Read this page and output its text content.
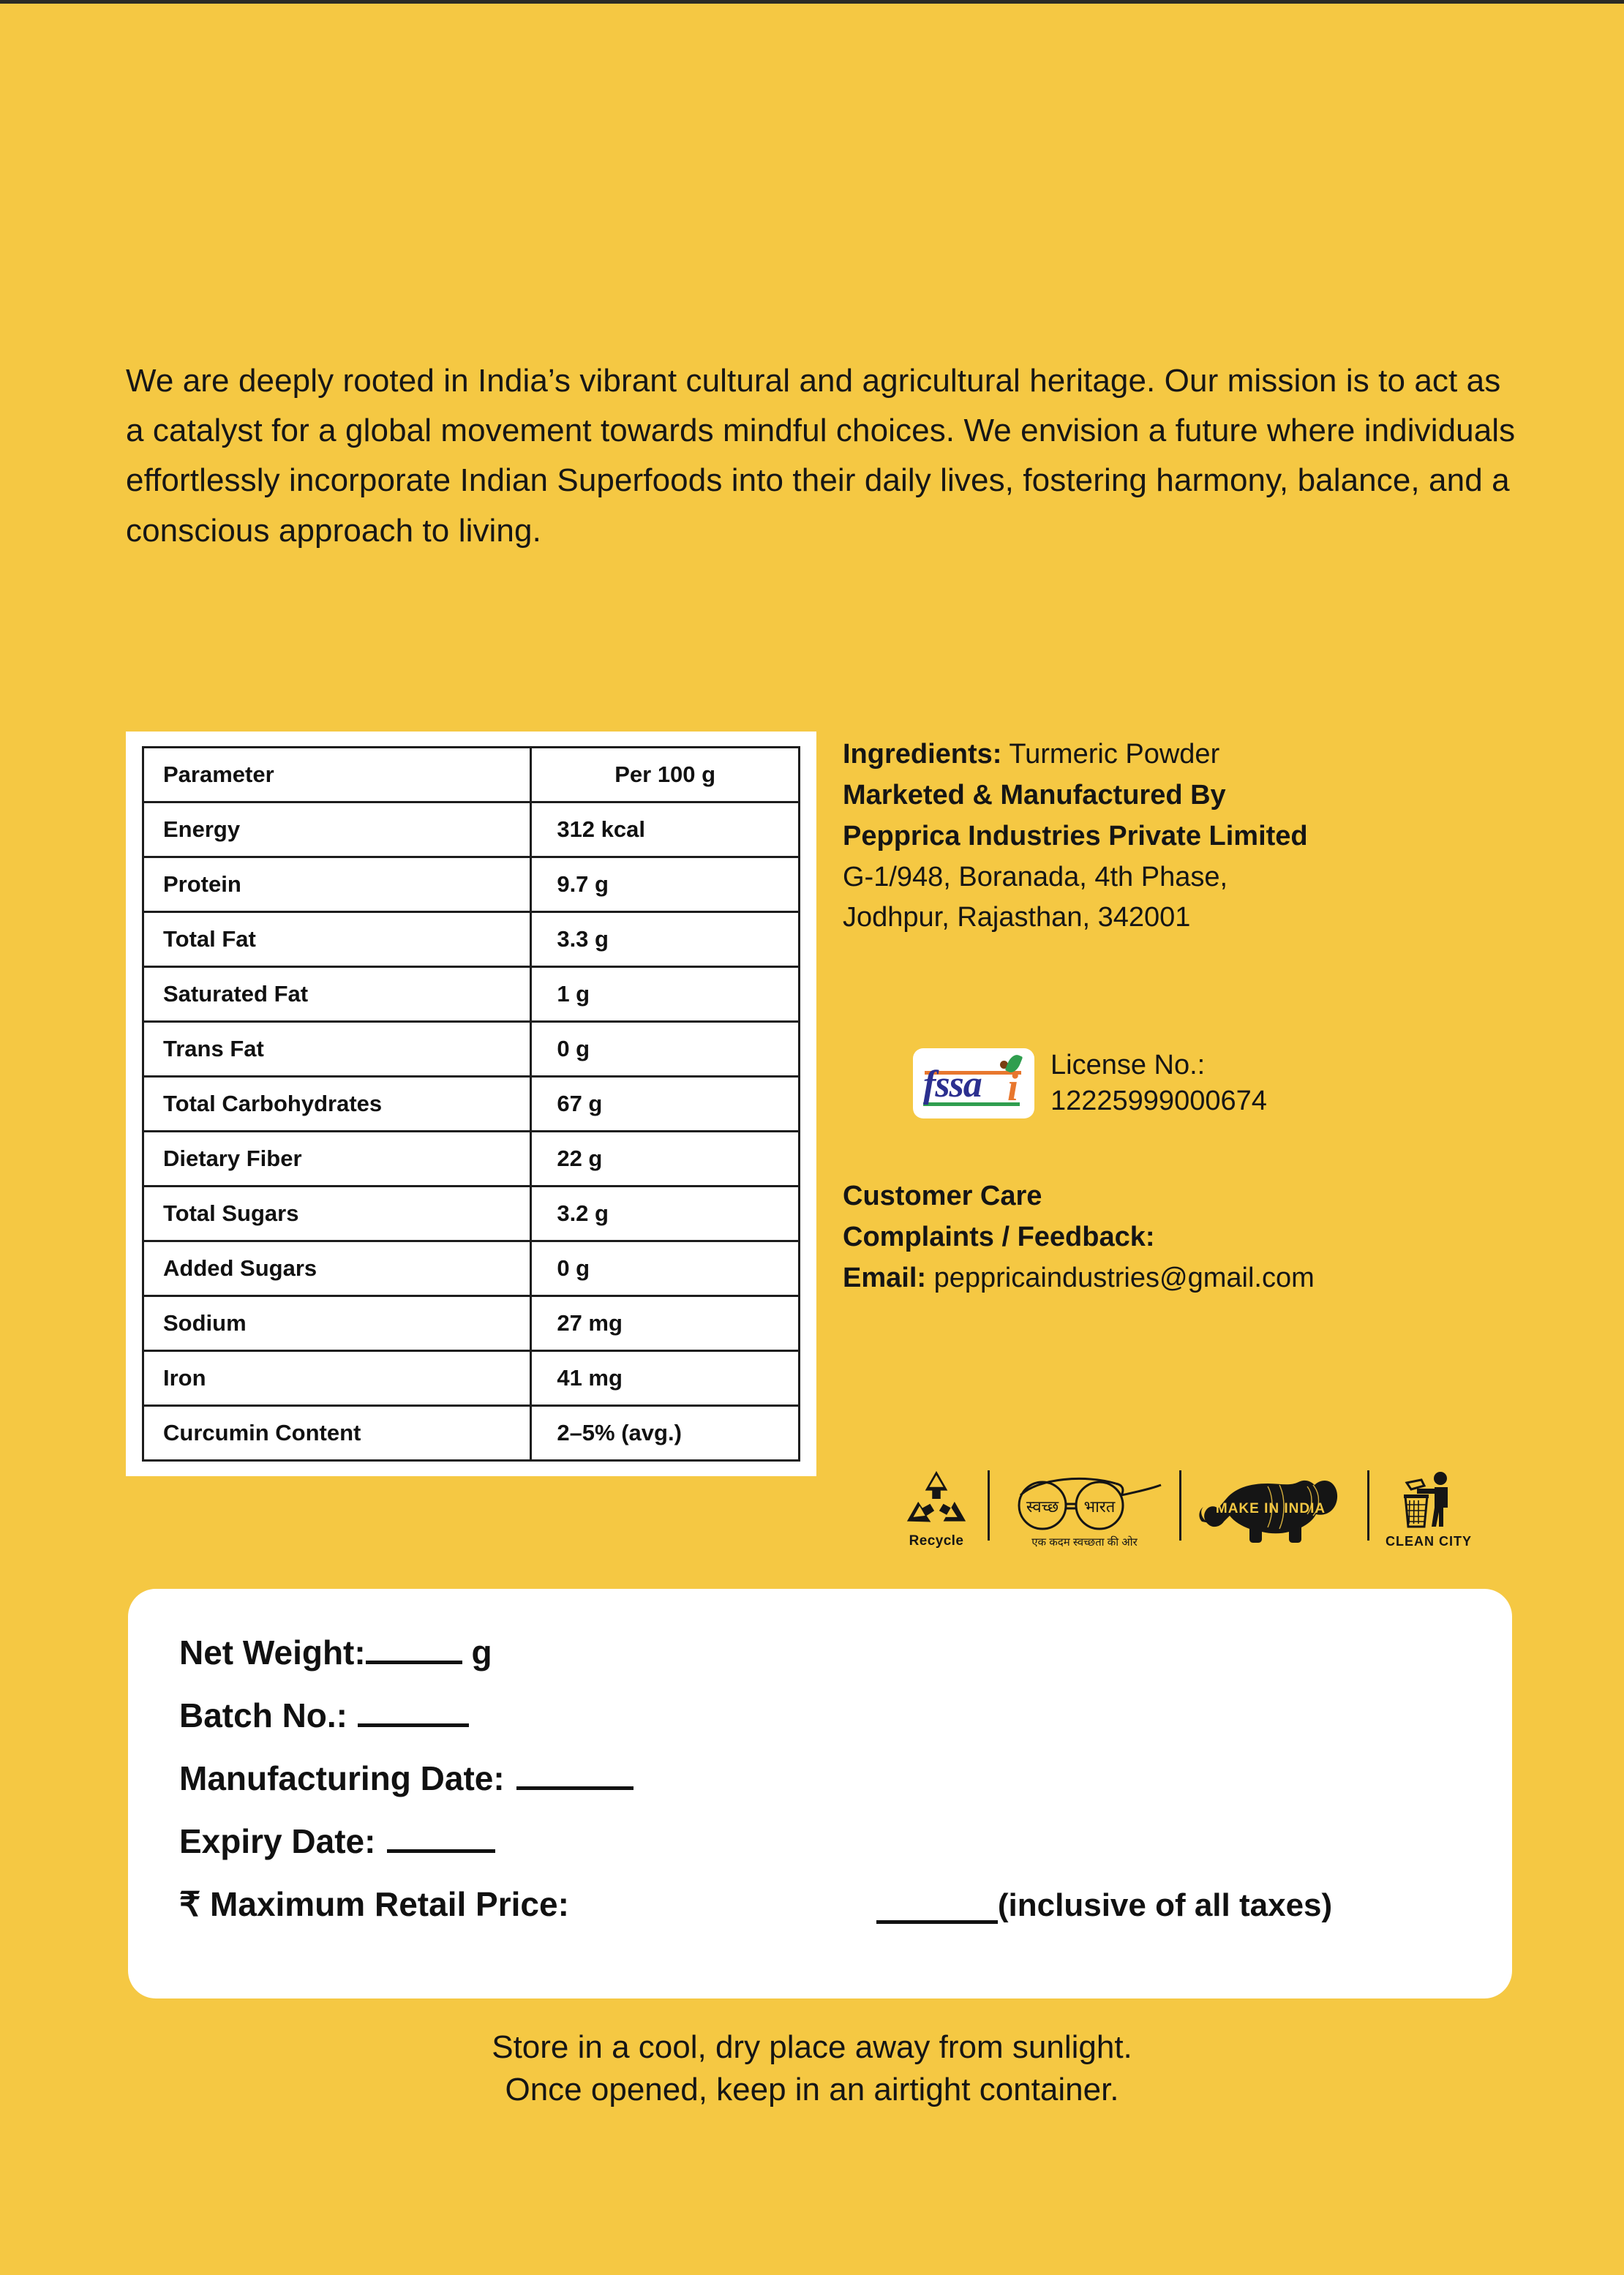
We are deeply rooted in India’s vibrant cultural and agricultural heritage. Our mission is to act as a catalyst for a global movement towards mindful choices. We envision a future where individuals effortlessly incorporate Indian Superfoods into their daily lives, fostering harmony, balance, and a conscious approach to living.
Parameter	Per 100 g
Energy	312 kcal
Protein	9.7 g
Total Fat	3.3 g
Saturated Fat	1 g
Trans Fat	0 g
Total Carbohydrates	67 g
Dietary Fiber	22 g
Total Sugars	3.2 g
Added Sugars	0 g
Sodium	27 mg
Iron	41 mg
Curcumin Content	2–5% (avg.)
Ingredients: Turmeric Powder
Marketed & Manufactured By
Pepprica Industries Private Limited
G-1/948, Boranada, 4th Phase,
Jodhpur, Rajasthan, 342001
fssa i License No.:
12225999000674
Customer Care
Complaints / Feedback:
Email: peppricaindustries@gmail.com
Recycle
स्वच्छ भारत
एक कदम स्वच्छता की ओर
MAKE IN INDIA
CLEAN CITY
Net Weight:	g
Batch No.:
Manufacturing Date:
Expiry Date:
₹ Maximum Retail Price:	(inclusive of all taxes)
Store in a cool, dry place away from sunlight.
Once opened, keep in an airtight container.
